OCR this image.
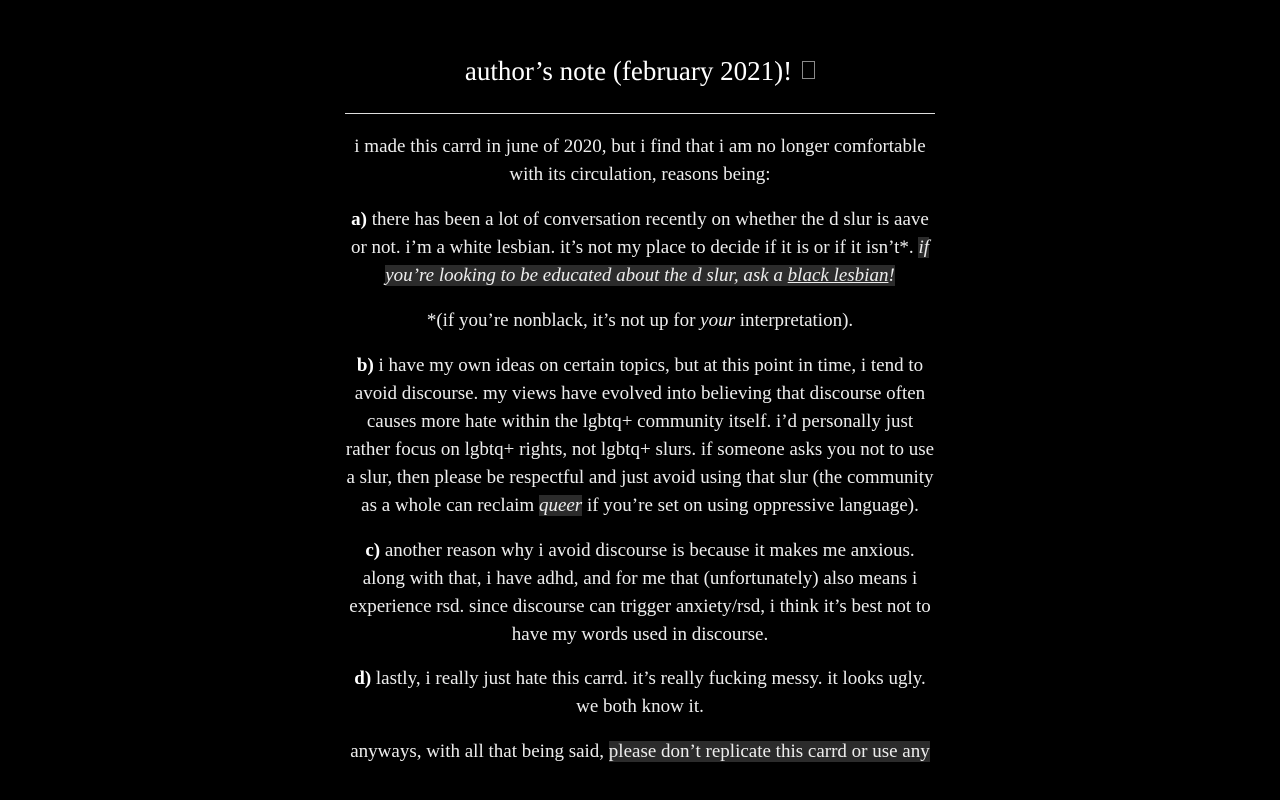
author’s note (february 2021)!

i made this carrd in june of 2020, but i find that i am no longer comfortable with its circulation, reasons being:

a) there has been a lot of conversation recently on whether the d slur is aave or not. i’m a white lesbian. it’s not my place to decide if it is or if it isn’t*. if you’re looking to be educated about the d slur, ask a black lesbian!

*(if you’re nonblack, it’s not up for your interpretation).

b) i have my own ideas on certain topics, but at this point in time, i tend to avoid discourse. my views have evolved into believing that discourse often causes more hate within the lgbtq+ community itself. i’d personally just rather focus on lgbtq+ rights, not lgbtq+ slurs. if someone asks you not to use a slur, then please be respectful and just avoid using that slur (the community as a whole can reclaim queer if you’re set on using oppressive language).

c) another reason why i avoid discourse is because it makes me anxious. along with that, i have adhd, and for me that (unfortunately) also means i experience rsd. since discourse can trigger anxiety/rsd, i think it’s best not to have my words used in discourse.

d) lastly, i really just hate this carrd. it’s really fucking messy. it looks ugly. we both know it.

anyways, with all that being said, please don’t replicate this carrd or use any
